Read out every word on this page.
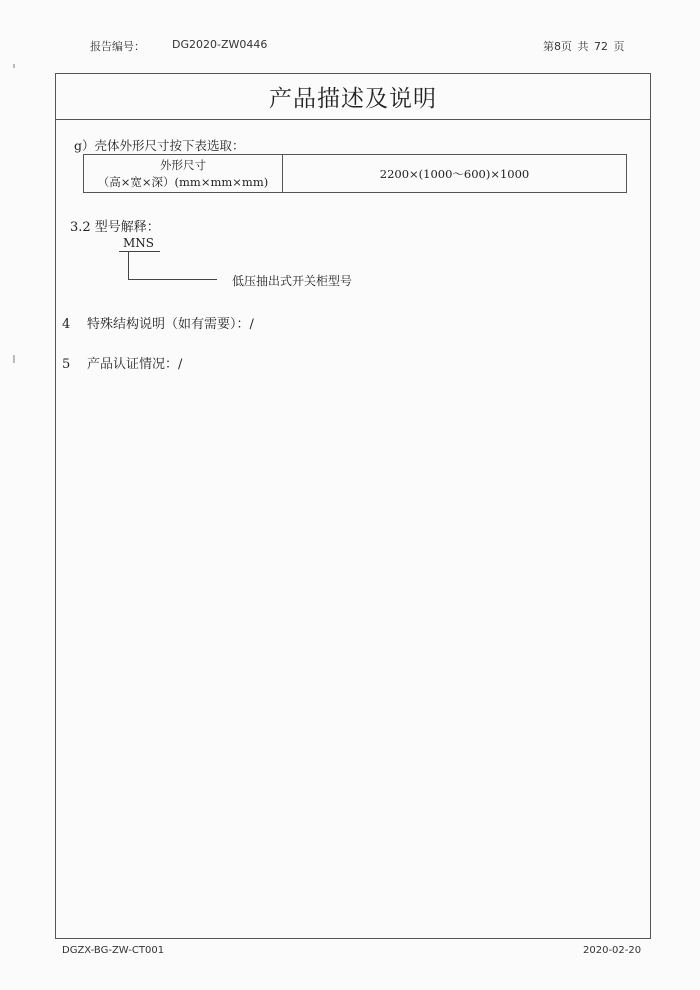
报告编号： DG2020-ZW0446	第8页 共 72 页
产品描述及说明
g）壳体外形尺寸按下表选取：
外形尺寸
（高×宽×深）(mm×mm×mm)
	2200×(1000～600)×1000
3.2 型号解释：
MNS
低压抽出式开关柜型号
4 特殊结构说明（如有需要）：/
5 产品认证情况：/
DGZX-BG-ZW-CT001	2020-02-20
